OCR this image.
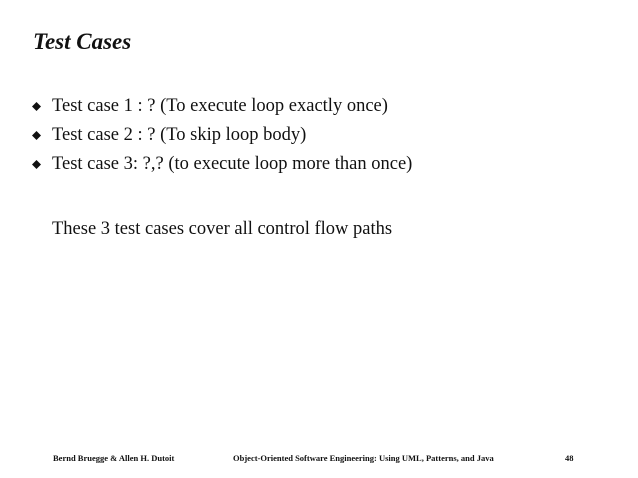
Test Cases
Test case 1 : ? (To execute loop exactly once)
Test case 2 : ? (To skip loop body)
Test case 3: ?,? (to execute loop more than once)
These 3 test cases cover all control flow paths
Bernd Bruegge & Allen H. Dutoit	Object-Oriented Software Engineering: Using UML, Patterns, and Java	48
